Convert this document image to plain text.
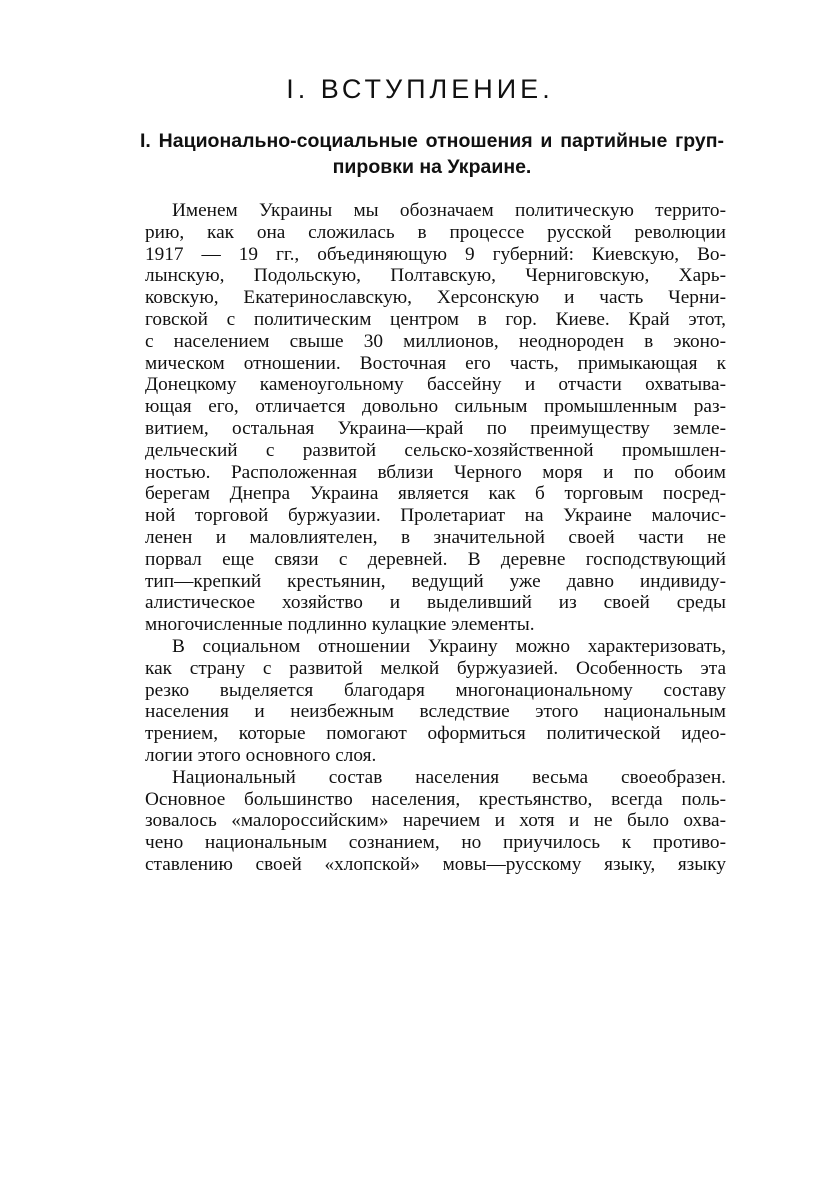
I. ВСТУПЛЕНИЕ.
I. Национально-социальные отношения и партийные груп-
пировки на Украине.

Именем Украины мы обозначаем политическую террито-
рию, как она сложилась в процессе русской революции
1917 — 19 гг., объединяющую 9 губерний: Киевскую, Во-
лынскую, Подольскую, Полтавскую, Черниговскую, Харь-
ковскую, Екатеринославскую, Херсонскую и часть Черни-
говской с политическим центром в гор. Киеве. Край этот,
с населением свыше 30 миллионов, неоднороден в эконо-
мическом отношении. Восточная его часть, примыкающая к
Донецкому каменоугольному бассейну и отчасти охватыва-
ющая его, отличается довольно сильным промышленным раз-
витием, остальная Украина—край по преимуществу земле-
дельческий с развитой сельско-хозяйственной промышлен-
ностью. Расположенная вблизи Черного моря и по обоим
берегам Днепра Украина является как б торговым посред-
ной торговой буржуазии. Пролетариат на Украине малочис-
ленен и маловлиятелен, в значительной своей части не
порвал еще связи с деревней. В деревне господствующий
тип—крепкий крестьянин, ведущий уже давно индивиду-
алистическое хозяйство и выделивший из своей среды
многочисленные подлинно кулацкие элементы.

В социальном отношении Украину можно характеризовать,
как страну с развитой мелкой буржуазией. Особенность эта
резко выделяется благодаря многонациональному составу
населения и неизбежным вследствие этого национальным
трением, которые помогают оформиться политической идео-
логии этого основного слоя.

Национальный состав населения весьма своеобразен.
Основное большинство населения, крестьянство, всегда поль-
зовалось «малороссийским» наречием и хотя и не было охва-
чено национальным сознанием, но приучилось к противо-
ставлению своей «хлопской» мовы—русскому языку, языку
